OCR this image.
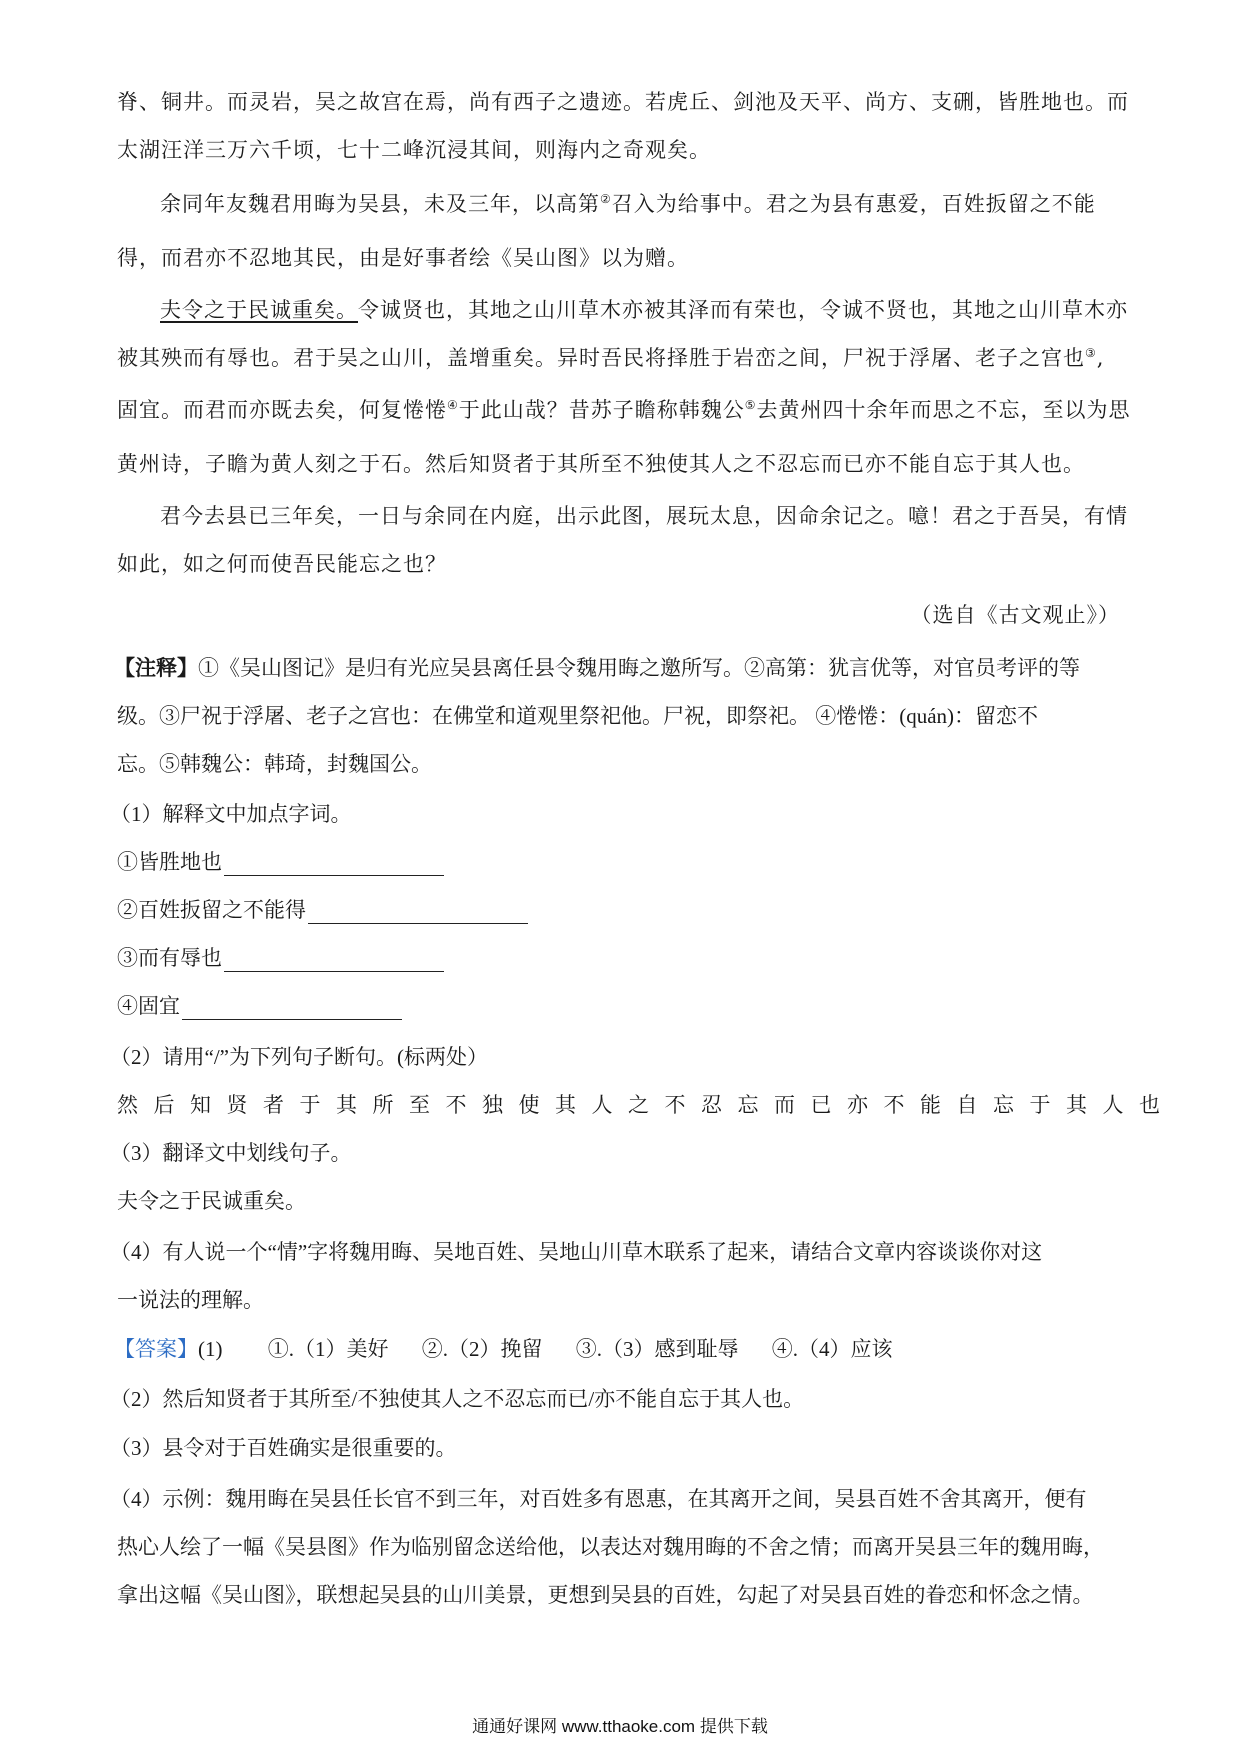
脊、铜井。而灵岩，吴之故宫在焉，尚有西子之遗迹。若虎丘、剑池及天平、尚方、支硎，皆胜地也。而
太湖汪洋三万六千顷，七十二峰沉浸其间，则海内之奇观矣。
余同年友魏君用晦为吴县，未及三年，以高第②召入为给事中。君之为县有惠爱，百姓扳留之不能
得，而君亦不忍地其民，由是好事者绘《吴山图》以为赠。
夫令之于民诚重矣。令诚贤也，其地之山川草木亦被其泽而有荣也，令诚不贤也，其地之山川草木亦
被其殃而有辱也。君于吴之山川，盖增重矣。异时吾民将择胜于岩峦之间，尸祝于浮屠、老子之宫也③,
固宜。而君而亦既去矣，何复惓惓④于此山哉？昔苏子瞻称韩魏公⑤去黄州四十余年而思之不忘，至以为思
黄州诗，子瞻为黄人刻之于石。然后知贤者于其所至不独使其人之不忍忘而已亦不能自忘于其人也。
君今去县已三年矣，一日与余同在内庭，出示此图，展玩太息，因命余记之。噫！君之于吾吴，有情
如此，如之何而使吾民能忘之也？
（选自《古文观止》）
【注释】①《吴山图记》是归有光应吴县离任县令魏用晦之邀所写。②高第：犹言优等，对官员考评的等
级。③尸祝于浮屠、老子之宫也：在佛堂和道观里祭祀他。尸祝，即祭祀。 ④惓惓：(quán)：留恋不
忘。⑤韩魏公：韩琦，封魏国公。
（1）解释文中加点字词。
①皆胜地也
②百姓扳留之不能得
③而有辱也
④固宜
（2）请用“/”为下列句子断句。(标两处）
然后知贤者于其所至不独使其人之不忍忘而已亦不能自忘于其人也
（3）翻译文中划线句子。
夫令之于民诚重矣。
（4）有人说一个“情”字将魏用晦、吴地百姓、吴地山川草木联系了起来，请结合文章内容谈谈你对这
一说法的理解。
【答案】(1) ①.（1）美好 ②.（2）挽留 ③.（3）感到耻辱 ④.（4）应该
（2）然后知贤者于其所至/不独使其人之不忍忘而已/亦不能自忘于其人也。
（3）县令对于百姓确实是很重要的。
（4）示例：魏用晦在吴县任长官不到三年，对百姓多有恩惠，在其离开之间，吴县百姓不舍其离开，便有
热心人绘了一幅《吴县图》作为临别留念送给他，以表达对魏用晦的不舍之情；而离开吴县三年的魏用晦，
拿出这幅《吴山图》，联想起吴县的山川美景，更想到吴县的百姓，勾起了对吴县百姓的眷恋和怀念之情。
通通好课网 www.tthaoke.com 提供下载
